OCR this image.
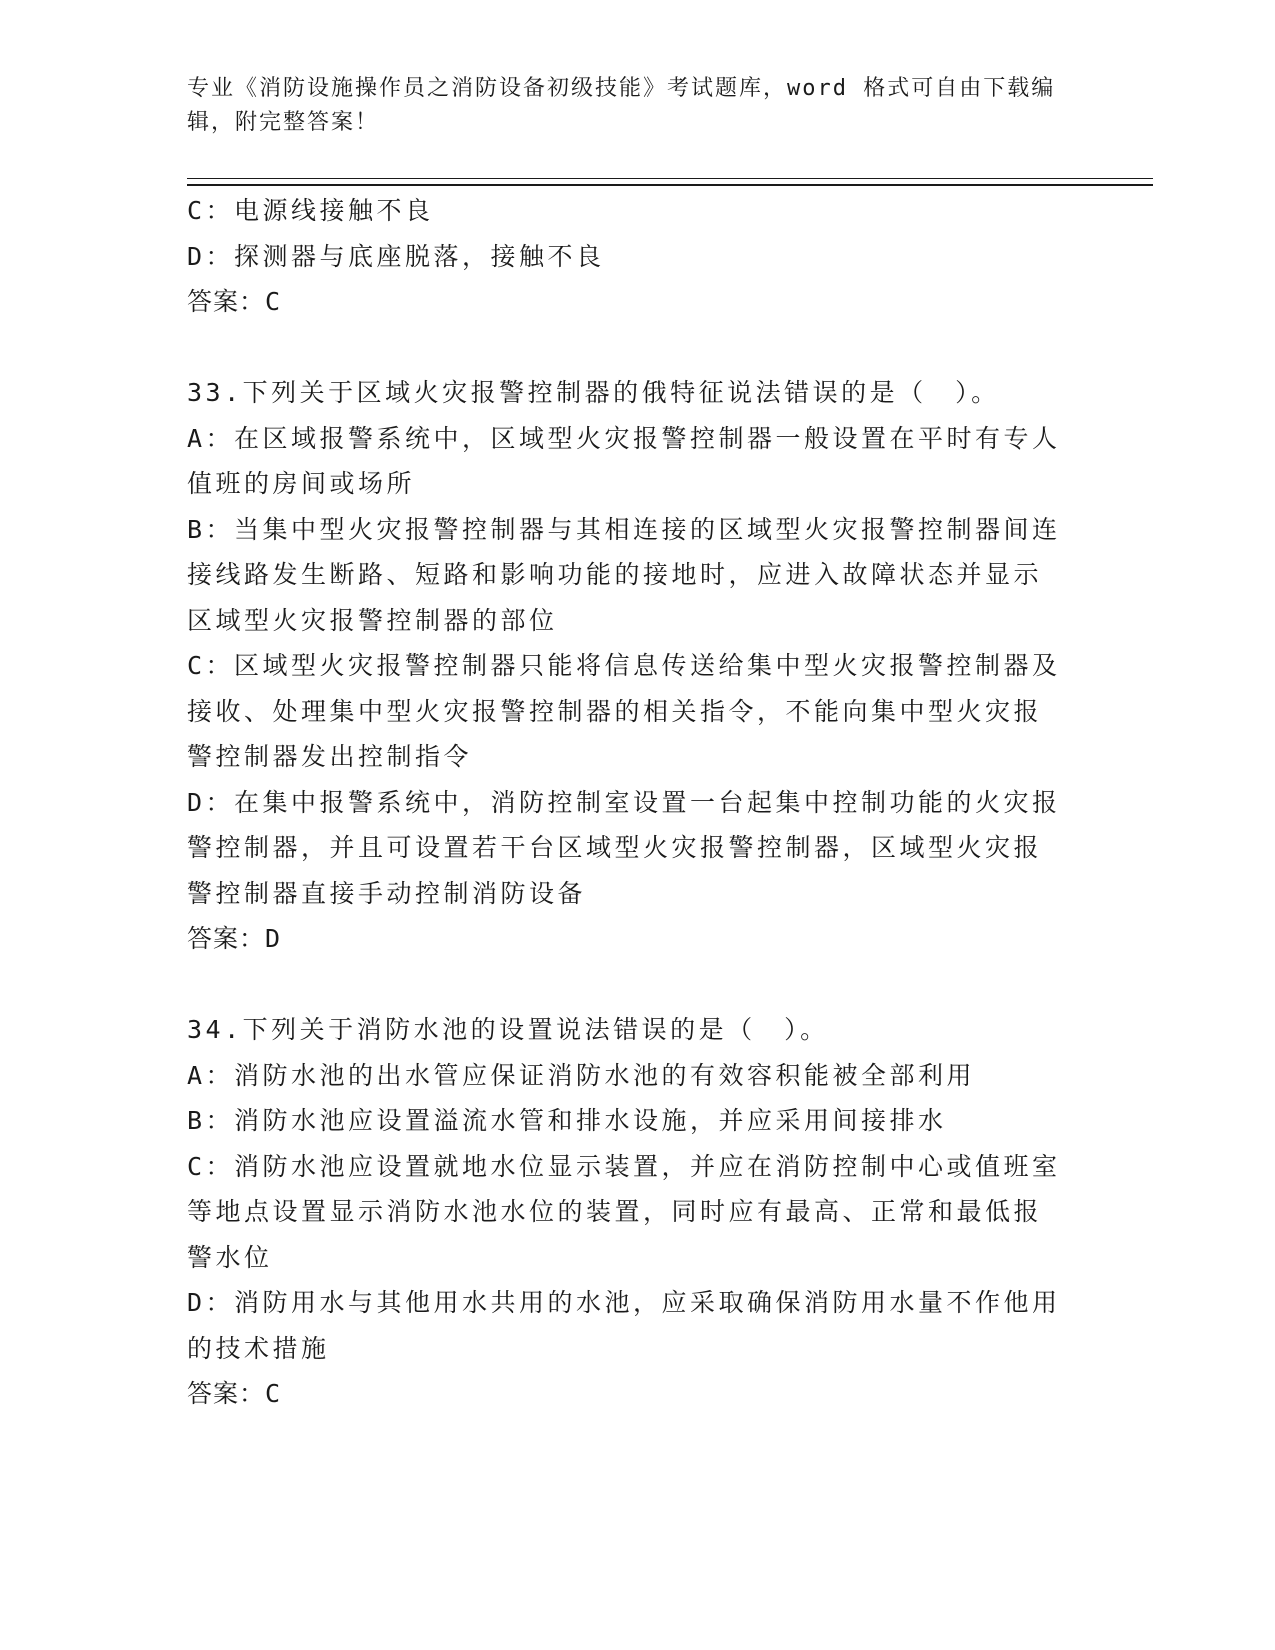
专业《消防设施操作员之消防设备初级技能》考试题库，word 格式可自由下载编辑，附完整答案！
C：电源线接触不良
D：探测器与底座脱落，接触不良
答案：C
33.下列关于区域火灾报警控制器的俄特征说法错误的是（　）。
A：在区域报警系统中，区域型火灾报警控制器一般设置在平时有专人
值班的房间或场所
B：当集中型火灾报警控制器与其相连接的区域型火灾报警控制器间连
接线路发生断路、短路和影响功能的接地时，应进入故障状态并显示
区域型火灾报警控制器的部位
C：区域型火灾报警控制器只能将信息传送给集中型火灾报警控制器及
接收、处理集中型火灾报警控制器的相关指令，不能向集中型火灾报
警控制器发出控制指令
D：在集中报警系统中，消防控制室设置一台起集中控制功能的火灾报
警控制器，并且可设置若干台区域型火灾报警控制器，区域型火灾报
警控制器直接手动控制消防设备
答案：D
34.下列关于消防水池的设置说法错误的是（　）。
A：消防水池的出水管应保证消防水池的有效容积能被全部利用
B：消防水池应设置溢流水管和排水设施，并应采用间接排水
C：消防水池应设置就地水位显示装置，并应在消防控制中心或值班室
等地点设置显示消防水池水位的装置，同时应有最高、正常和最低报
警水位
D：消防用水与其他用水共用的水池，应采取确保消防用水量不作他用
的技术措施
答案：C
